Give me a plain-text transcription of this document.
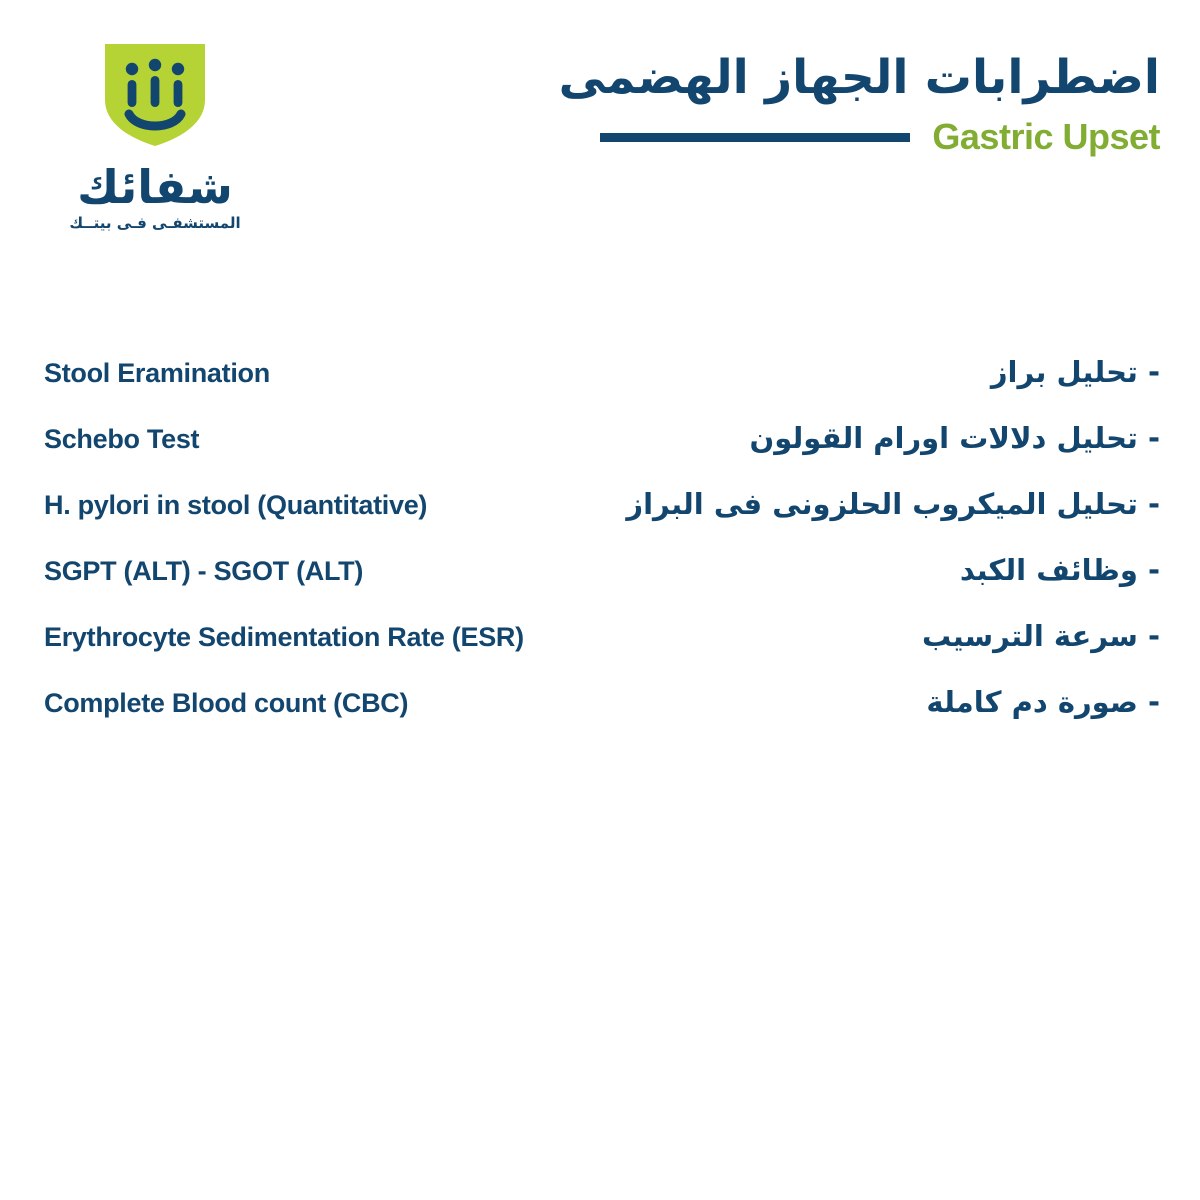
شفائك
المستشفـى فـى بيتــك
اضطرابات الجهاز الهضمى
Gastric Upset
Stool Eramination	- تحليل براز
Schebo Test	- تحليل دلالات اورام القولون
H. pylori in stool (Quantitative)	- تحليل الميكروب الحلزونى فى البراز
SGPT (ALT) - SGOT (ALT)	- وظائف الكبد
Erythrocyte Sedimentation Rate (ESR)	- سرعة الترسيب
Complete Blood count (CBC)	- صورة دم كاملة
